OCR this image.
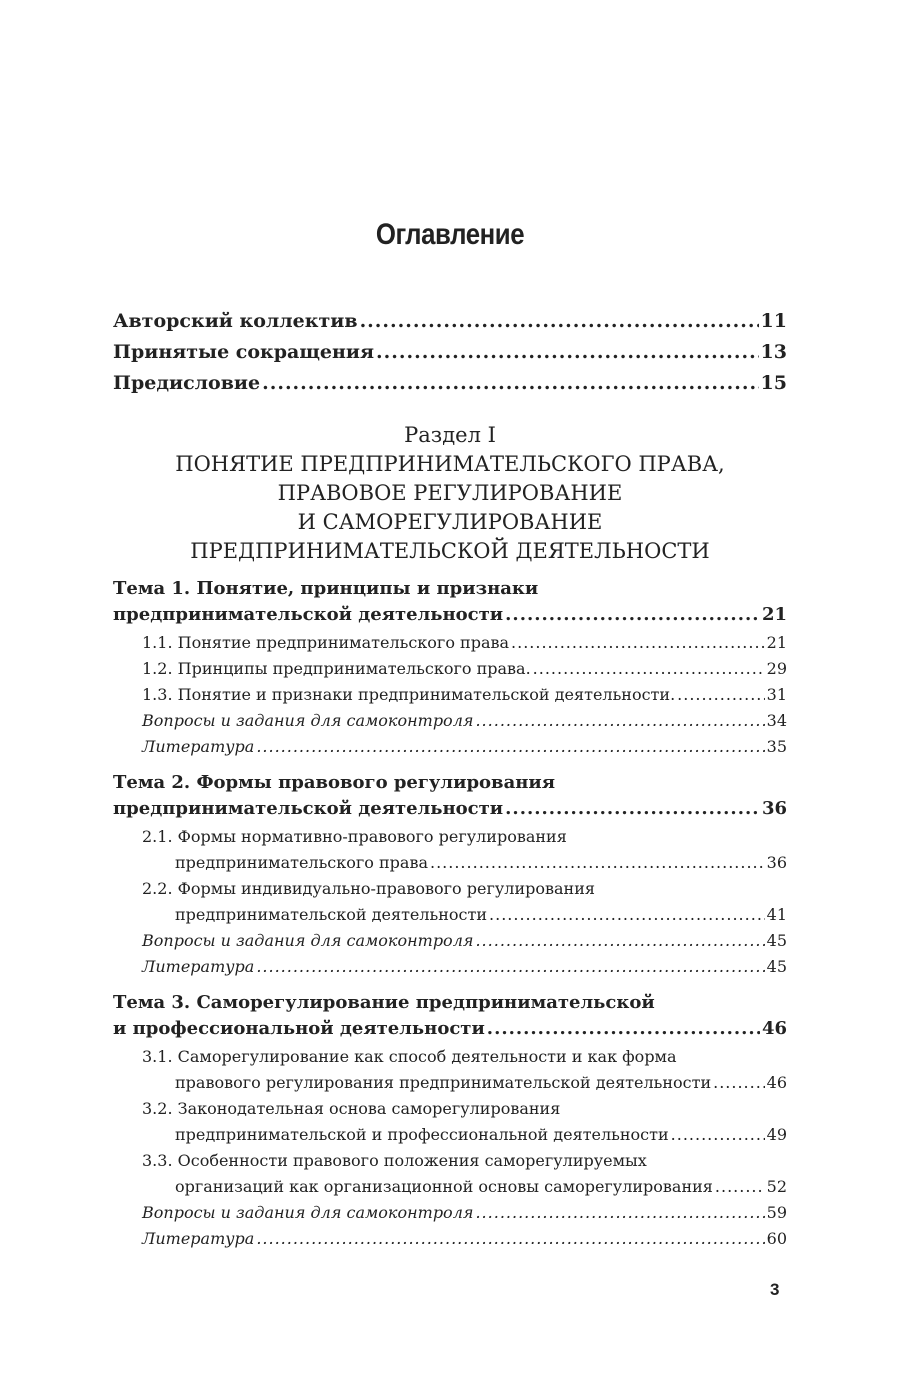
Оглавление
Авторский коллектив .....	11
Принятые сокращения .....	13
Предисловие .....	15
Раздел I
ПОНЯТИЕ ПРЕДПРИНИМАТЕЛЬСКОГО ПРАВА,
ПРАВОВОЕ РЕГУЛИРОВАНИЕ
И САМОРЕГУЛИРОВАНИЕ
ПРЕДПРИНИМАТЕЛЬСКОЙ ДЕЯТЕЛЬНОСТИ
Тема 1. Понятие, принципы и признаки
предпринимательской деятельности .....	21
1.1. Понятие предпринимательского права .....	21
1.2. Принципы предпринимательского права. .....	29
1.3. Понятие и признаки предпринимательской деятельности. .....	31
Вопросы и задания для самоконтроля .....	34
Литература .....	35
Тема 2. Формы правового регулирования
предпринимательской деятельности .....	36
2.1. Формы нормативно-правового регулирования
предпринимательского права .....	36
2.2. Формы индивидуально-правового регулирования
предпринимательской деятельности .....	41
Вопросы и задания для самоконтроля .....	45
Литература .....	45
Тема 3. Саморегулирование предпринимательской
и профессиональной деятельности .....	46
3.1. Саморегулирование как способ деятельности и как форма
правового регулирования предпринимательской деятельности .....	46
3.2. Законодательная основа саморегулирования
предпринимательской и профессиональной деятельности .....	49
3.3. Особенности правового положения саморегулируемых
организаций как организационной основы саморегулирования .....	52
Вопросы и задания для самоконтроля .....	59
Литература .....	60
3
